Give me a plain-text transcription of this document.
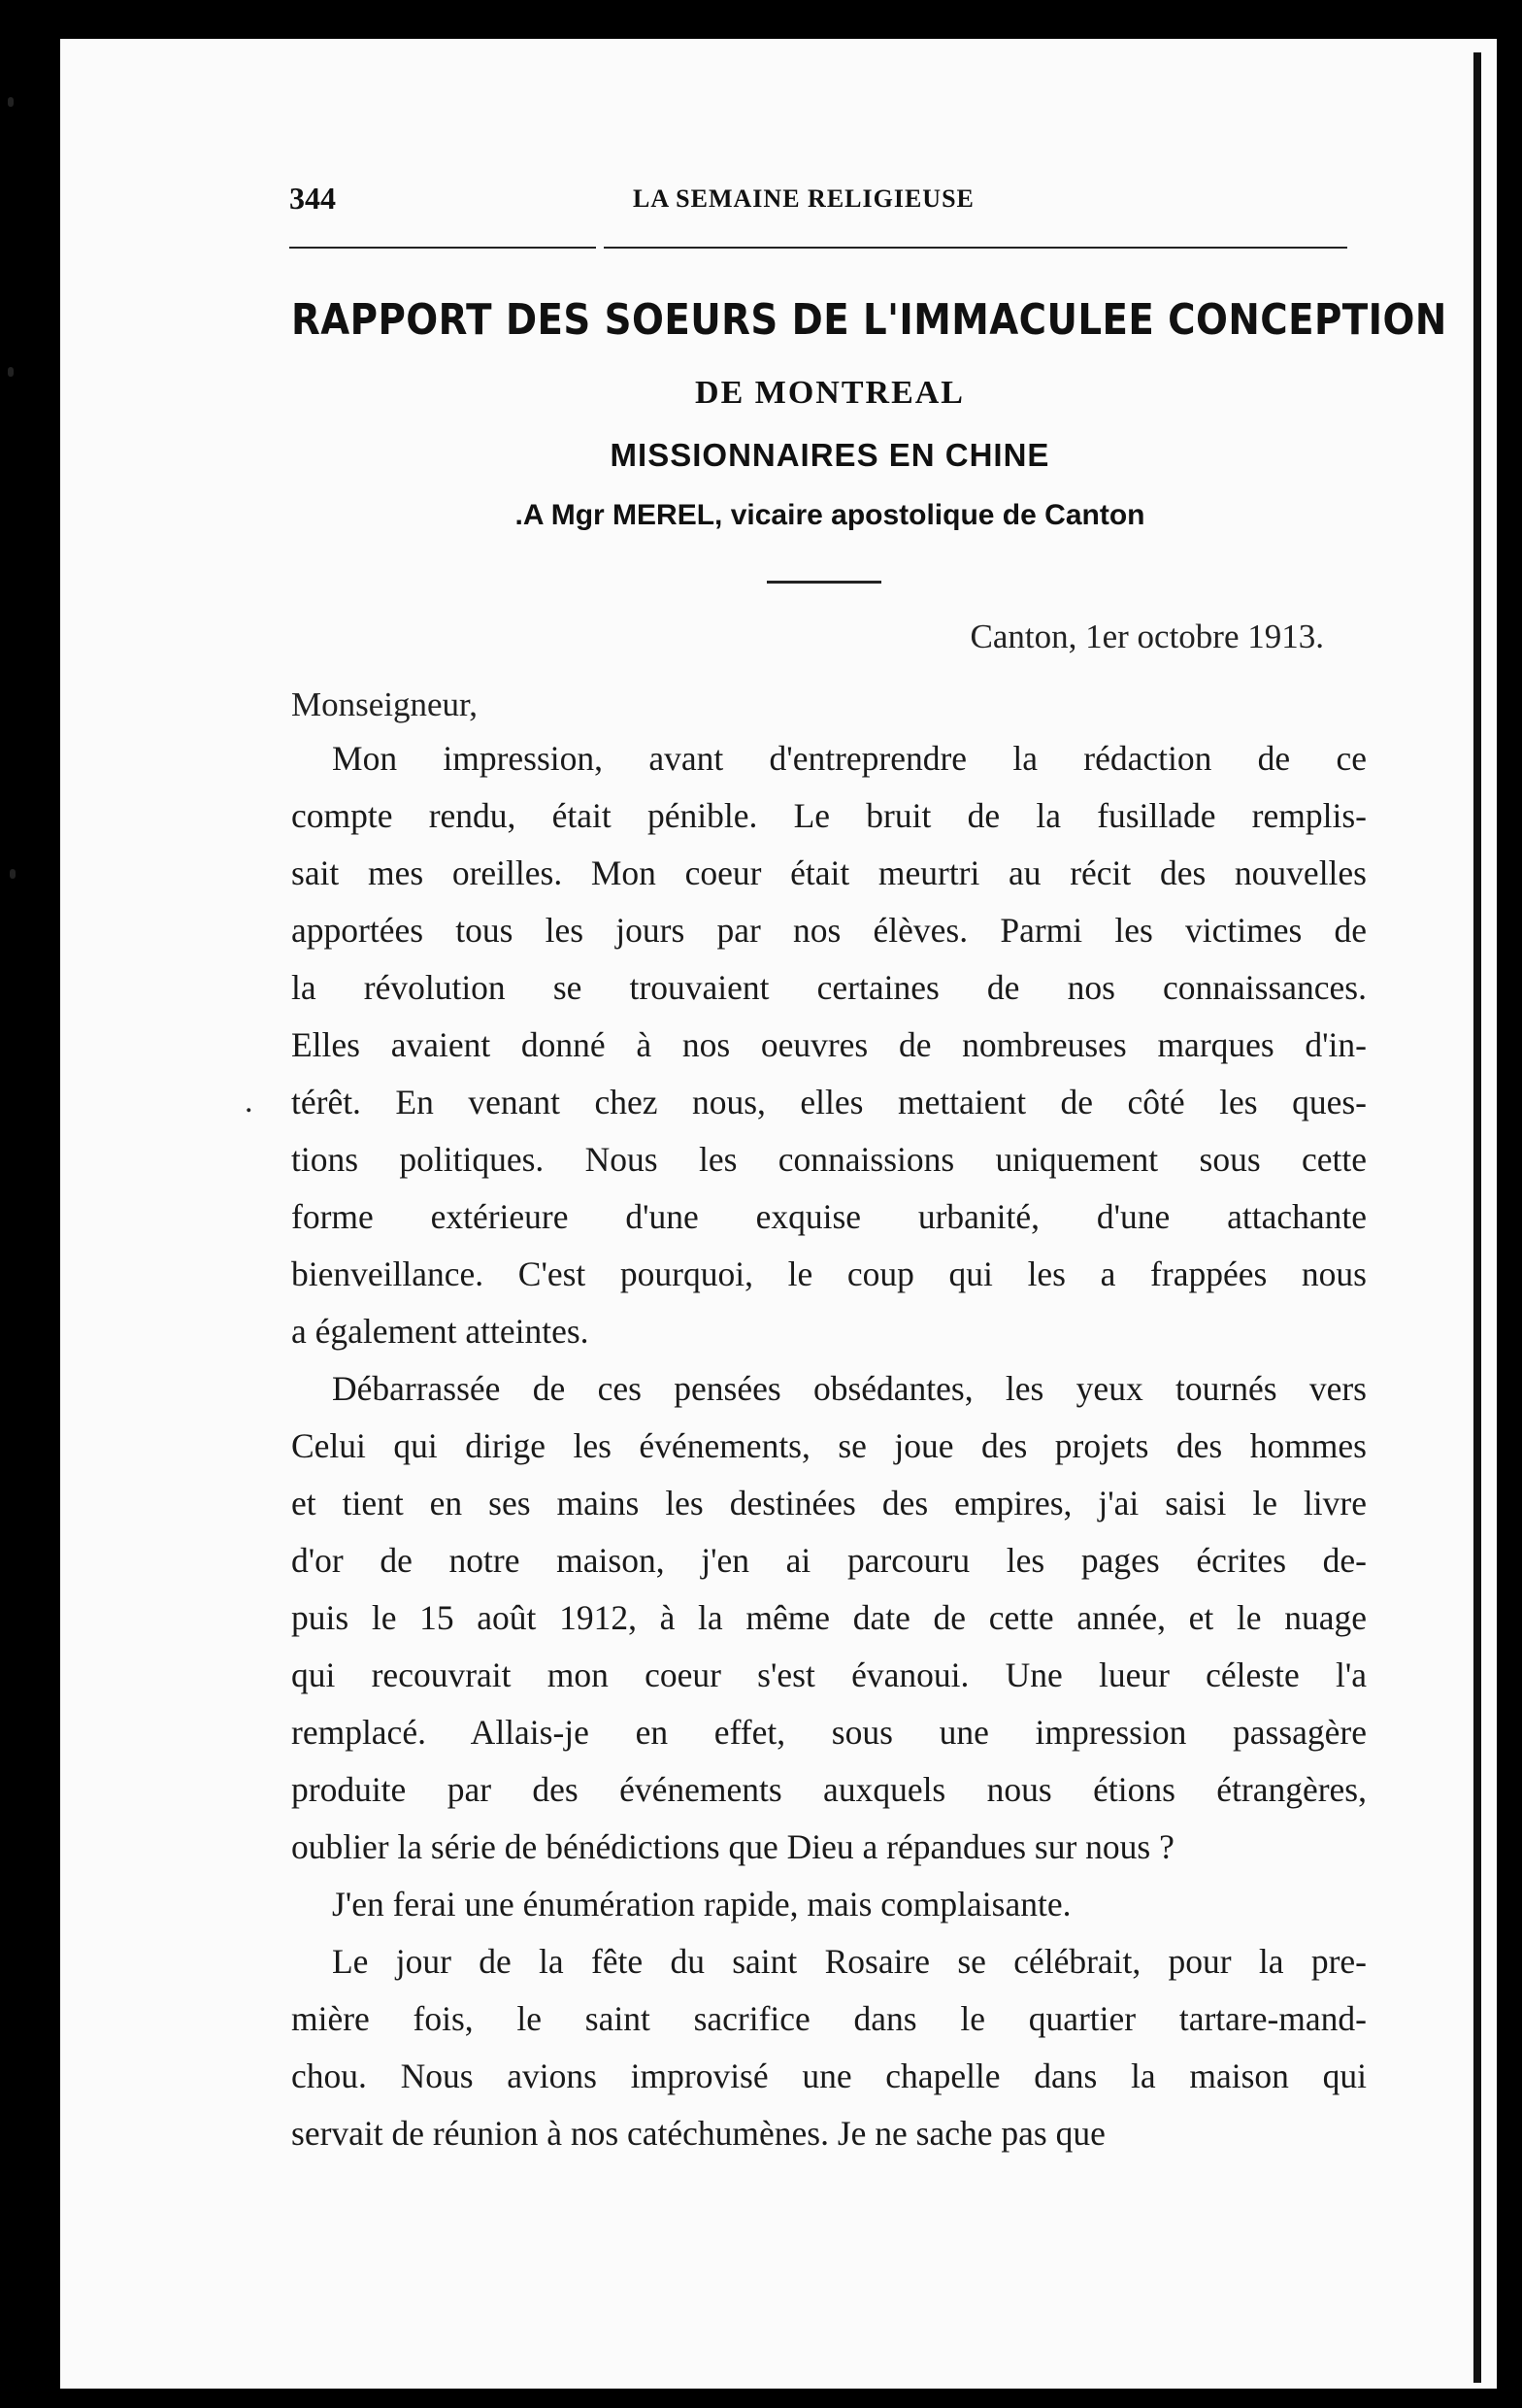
344	LA SEMAINE RELIGIEUSE
RAPPORT DES SOEURS DE L'IMMACULEE CONCEPTION
DE MONTREAL
MISSIONNAIRES EN CHINE
.A Mgr MEREL, vicaire apostolique de Canton
Canton, 1er octobre 1913.
Monseigneur,
.
Mon impression, avant d'entreprendre la rédaction de ce
compte rendu, était pénible. Le bruit de la fusillade remplis-
sait mes oreilles. Mon coeur était meurtri au récit des nouvelles
apportées tous les jours par nos élèves. Parmi les victimes de
la révolution se trouvaient certaines de nos connaissances.
Elles avaient donné à nos oeuvres de nombreuses marques d'in-
térêt. En venant chez nous, elles mettaient de côté les ques-
tions politiques. Nous les connaissions uniquement sous cette
forme extérieure d'une exquise urbanité, d'une attachante
bienveillance. C'est pourquoi, le coup qui les a frappées nous
a également atteintes.
Débarrassée de ces pensées obsédantes, les yeux tournés vers
Celui qui dirige les événements, se joue des projets des hommes
et tient en ses mains les destinées des empires, j'ai saisi le livre
d'or de notre maison, j'en ai parcouru les pages écrites de-
puis le 15 août 1912, à la même date de cette année, et le nuage
qui recouvrait mon coeur s'est évanoui. Une lueur céleste l'a
remplacé. Allais-je en effet, sous une impression passagère
produite par des événements auxquels nous étions étrangères,
oublier la série de bénédictions que Dieu a répandues sur nous ?
J'en ferai une énumération rapide, mais complaisante.
Le jour de la fête du saint Rosaire se célébrait, pour la pre-
mière fois, le saint sacrifice dans le quartier tartare-mand-
chou. Nous avions improvisé une chapelle dans la maison qui
servait de réunion à nos catéchumènes. Je ne sache pas que
